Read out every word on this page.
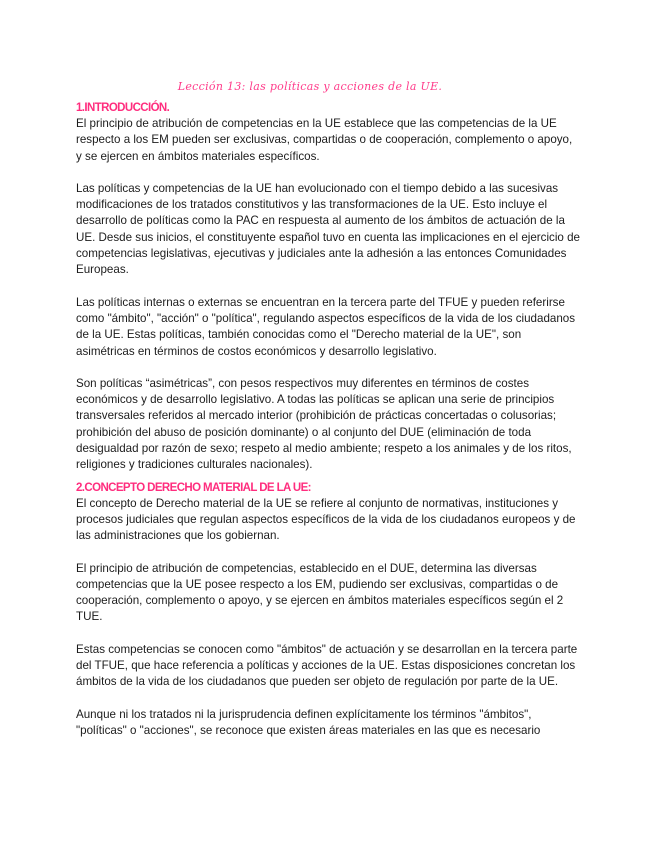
Lección 13: las políticas y acciones de la UE.
1.INTRODUCCIÓN.

El principio de atribución de competencias en la UE establece que las competencias de la UE respecto a los EM pueden ser exclusivas, compartidas o de cooperación, complemento o apoyo, y se ejercen en ámbitos materiales específicos.

Las políticas y competencias de la UE han evolucionado con el tiempo debido a las sucesivas modificaciones de los tratados constitutivos y las transformaciones de la UE. Esto incluye el desarrollo de políticas como la PAC en respuesta al aumento de los ámbitos de actuación de la UE. Desde sus inicios, el constituyente español tuvo en cuenta las implicaciones en el ejercicio de competencias legislativas, ejecutivas y judiciales ante la adhesión a las entonces Comunidades Europeas.

Las políticas internas o externas se encuentran en la tercera parte del TFUE y pueden referirse como "ámbito", "acción" o "política", regulando aspectos específicos de la vida de los ciudadanos de la UE. Estas políticas, también conocidas como el "Derecho material de la UE", son asimétricas en términos de costos económicos y desarrollo legislativo.

Son políticas “asimétricas”, con pesos respectivos muy diferentes en términos de costes económicos y de desarrollo legislativo. A todas las políticas se aplican una serie de principios transversales referidos al mercado interior (prohibición de prácticas concertadas o colusorias; prohibición del abuso de posición dominante) o al conjunto del DUE (eliminación de toda desigualdad por razón de sexo; respeto al medio ambiente; respeto a los animales y de los ritos, religiones y tradiciones culturales nacionales).

2.CONCEPTO DERECHO MATERIAL DE LA UE:

El concepto de Derecho material de la UE se refiere al conjunto de normativas, instituciones y procesos judiciales que regulan aspectos específicos de la vida de los ciudadanos europeos y de las administraciones que los gobiernan.

El principio de atribución de competencias, establecido en el DUE, determina las diversas competencias que la UE posee respecto a los EM, pudiendo ser exclusivas, compartidas o de cooperación, complemento o apoyo, y se ejercen en ámbitos materiales específicos según el 2 TUE.

Estas competencias se conocen como "ámbitos" de actuación y se desarrollan en la tercera parte del TFUE, que hace referencia a políticas y acciones de la UE. Estas disposiciones concretan los ámbitos de la vida de los ciudadanos que pueden ser objeto de regulación por parte de la UE.

Aunque ni los tratados ni la jurisprudencia definen explícitamente los términos "ámbitos", "políticas" o "acciones", se reconoce que existen áreas materiales en las que es necesario
